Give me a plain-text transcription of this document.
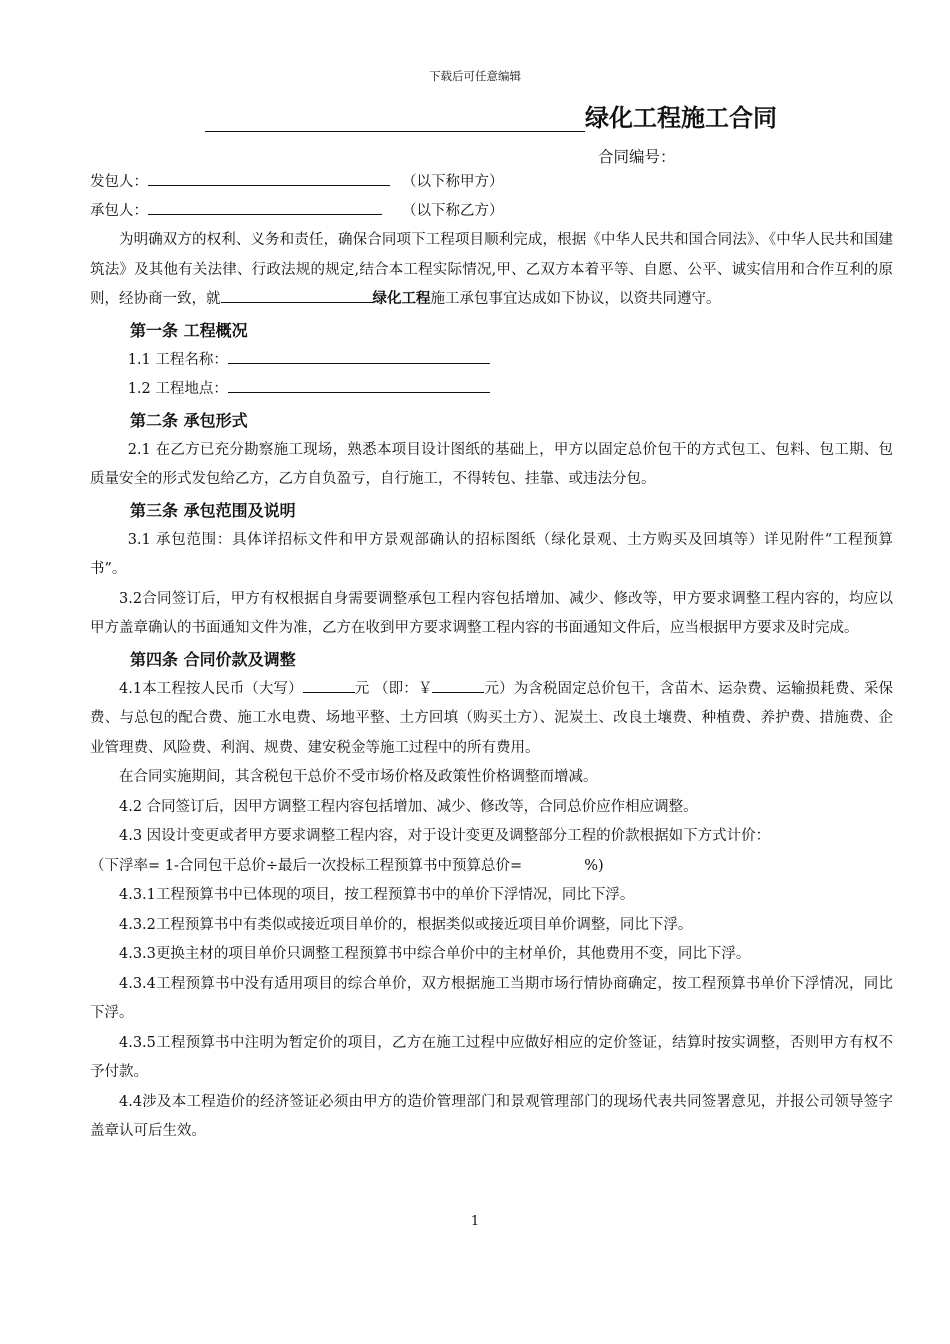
下载后可任意编辑
绿化工程施工合同
合同编号：
发包人：	（以下称甲方）
承包人：	（以下称乙方）

为明确双方的权利、义务和责任，确保合同项下工程项目顺利完成，根据《中华人民共和国合同法》、《中华人民共和国建筑法》及其他有关法律、行政法规的规定,结合本工程实际情况,甲、乙双方本着平等、自愿、公平、诚实信用和合作互利的原则，经协商一致，就	绿化工程施工承包事宜达成如下协议，以资共同遵守。

第一条 工程概况

1.1 工程名称：

1.2 工程地点：

第二条 承包形式

2.1 在乙方已充分勘察施工现场，熟悉本项目设计图纸的基础上，甲方以固定总价包干的方式包工、包料、包工期、包质量安全的形式发包给乙方，乙方自负盈亏，自行施工，不得转包、挂靠、或违法分包。

第三条 承包范围及说明

3.1 承包范围：具体详招标文件和甲方景观部确认的招标图纸（绿化景观、土方购买及回填等）详见附件“工程预算书”。

3.2合同签订后，甲方有权根据自身需要调整承包工程内容包括增加、减少、修改等，甲方要求调整工程内容的，均应以甲方盖章确认的书面通知文件为准，乙方在收到甲方要求调整工程内容的书面通知文件后，应当根据甲方要求及时完成。

第四条 合同价款及调整

4.1本工程按人民币（大写）	元 （即：￥	元）为含税固定总价包干，含苗木、运杂费、运输损耗费、采保费、与总包的配合费、施工水电费、场地平整、土方回填（购买土方）、泥炭土、改良土壤费、种植费、养护费、措施费、企业管理费、风险费、利润、规费、建安税金等施工过程中的所有费用。

在合同实施期间，其含税包干总价不受市场价格及政策性价格调整而增减。

4.2 合同签订后，因甲方调整工程内容包括增加、减少、修改等，合同总价应作相应调整。

4.3 因设计变更或者甲方要求调整工程内容，对于设计变更及调整部分工程的价款根据如下方式计价：

（下浮率= 1-合同包干总价÷最后一次投标工程预算书中预算总价=	%)

4.3.1工程预算书中已体现的项目，按工程预算书中的单价下浮情况，同比下浮。

4.3.2工程预算书中有类似或接近项目单价的，根据类似或接近项目单价调整，同比下浮。

4.3.3更换主材的项目单价只调整工程预算书中综合单价中的主材单价，其他费用不变，同比下浮。

4.3.4工程预算书中没有适用项目的综合单价，双方根据施工当期市场行情协商确定，按工程预算书单价下浮情况，同比下浮。

4.3.5工程预算书中注明为暂定价的项目，乙方在施工过程中应做好相应的定价签证，结算时按实调整，否则甲方有权不予付款。

4.4涉及本工程造价的经济签证必须由甲方的造价管理部门和景观管理部门的现场代表共同签署意见，并报公司领导签字盖章认可后生效。

1
